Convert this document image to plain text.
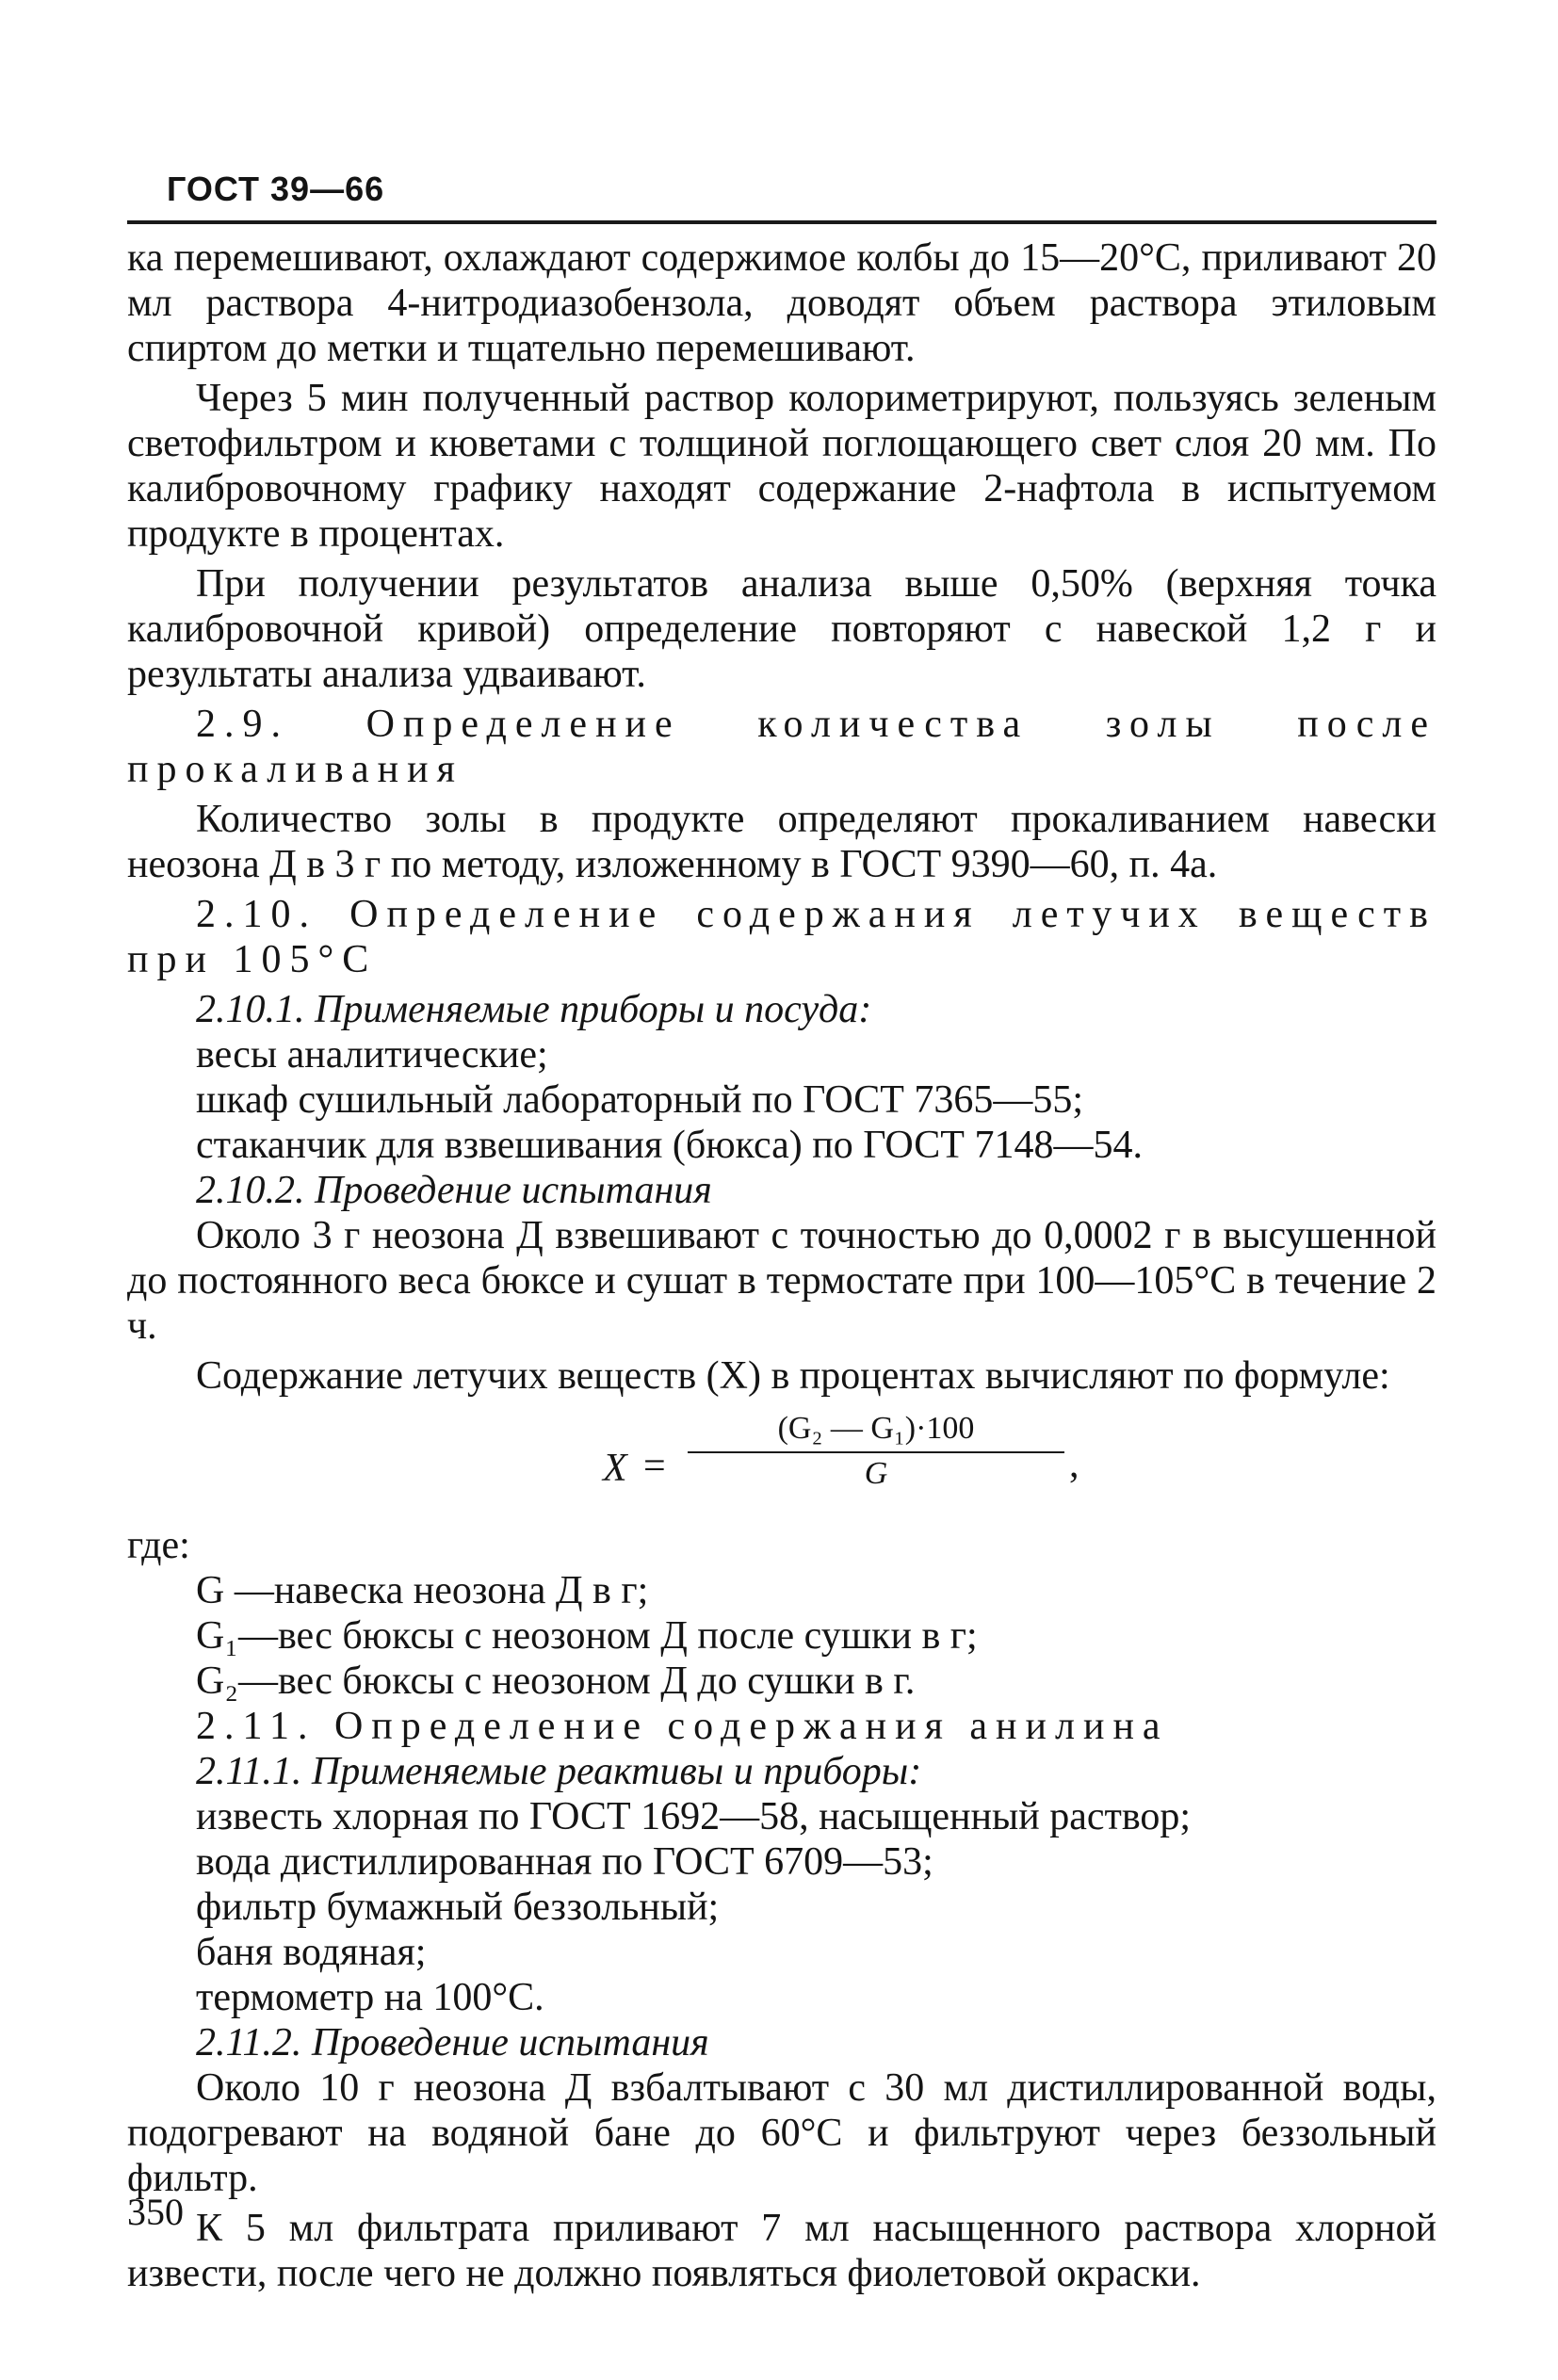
ГОСТ 39—66

ка перемешивают, охлаждают содержимое колбы до 15—20°С, приливают 20 мл раствора 4-нитродиазобензола, доводят объем раствора этиловым спиртом до метки и тщательно перемешивают.

Через 5 мин полученный раствор колориметрируют, пользуясь зеленым светофильтром и кюветами с толщиной поглощающего свет слоя 20 мм. По калибровочному графику находят содержание 2-нафтола в испытуемом продукте в процентах.

При получении результатов анализа выше 0,50% (верхняя точка калибровочной кривой) определение повторяют с навеской 1,2 г и результаты анализа удваивают.

2.9. Определение количества золы после прокаливания

Количество золы в продукте определяют прокаливанием навески неозона Д в 3 г по методу, изложенному в ГОСТ 9390—60, п. 4а.

2.10. Определение содержания летучих веществ при 105°С

2.10.1. Применяемые приборы и посуда:

весы аналитические;

шкаф сушильный лабораторный по ГОСТ 7365—55;

стаканчик для взвешивания (бюкса) по ГОСТ 7148—54.

2.10.2. Проведение испытания

Около 3 г неозона Д взвешивают с точностью до 0,0002 г в высушенной до постоянного веса бюксе и сушат в термостате при 100—105°С в течение 2 ч.

Содержание летучих веществ (X) в процентах вычисляют по формуле:

X =
(G₂ — G₁)·100
G	,

где:

G —навеска неозона Д в г;

G₁—вес бюксы с неозоном Д после сушки в г;

G₂—вес бюксы с неозоном Д до сушки в г.

2.11. Определение содержания анилина

2.11.1. Применяемые реактивы и приборы:

известь хлорная по ГОСТ 1692—58, насыщенный раствор;

вода дистиллированная по ГОСТ 6709—53;

фильтр бумажный беззольный;

баня водяная;

термометр на 100°С.

2.11.2. Проведение испытания

Около 10 г неозона Д взбалтывают с 30 мл дистиллированной воды, подогревают на водяной бане до 60°С и фильтруют через беззольный фильтр.

К 5 мл фильтрата приливают 7 мл насыщенного раствора хлорной извести, после чего не должно появляться фиолетовой окраски.

350
